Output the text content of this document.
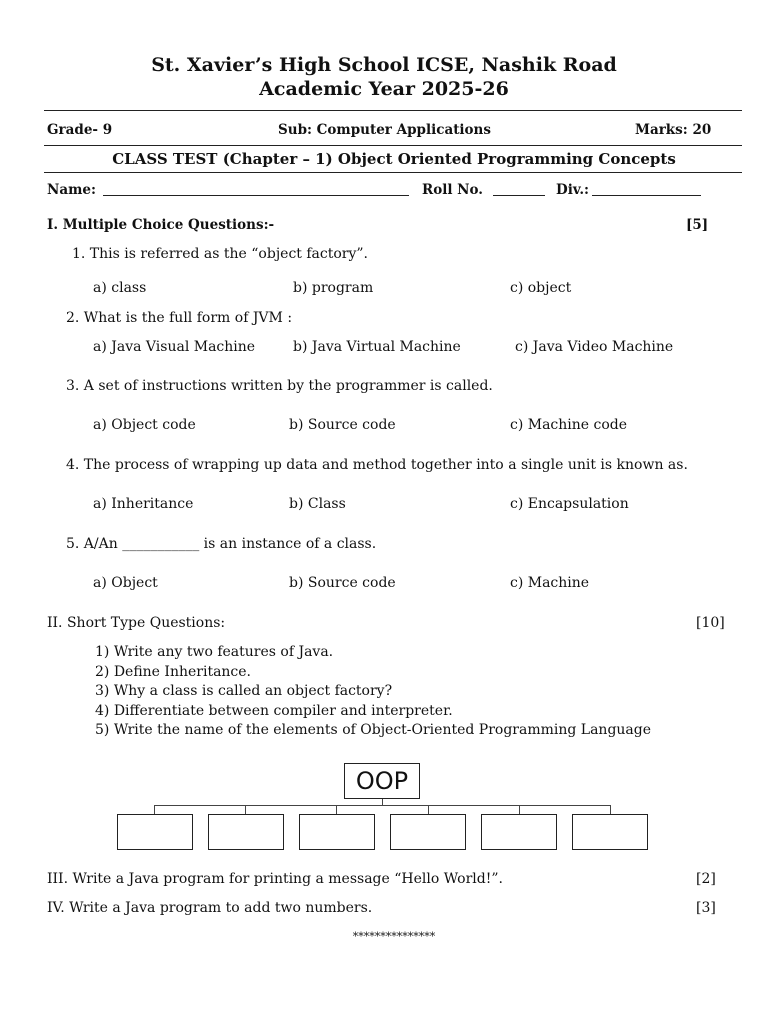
St. Xavier’s High School ICSE, Nashik Road
Academic Year 2025-26
Grade- 9	Sub: Computer Applications	Marks: 20
CLASS TEST (Chapter – 1) Object Oriented Programming Concepts
Name:	Roll No.	Div.:
I. Multiple Choice Questions:-	[5]
1. This is referred as the “object factory”.
a) class	b) program	c) object
2. What is the full form of JVM :
a) Java Visual Machine	b) Java Virtual Machine	c) Java Video Machine
3. A set of instructions written by the programmer is called.
a) Object code	b) Source code	c) Machine code
4. The process of wrapping up data and method together into a single unit is known as.
a) Inheritance	b) Class	c) Encapsulation
5. A/An ___________ is an instance of a class.
a) Object	b) Source code	c) Machine
II. Short Type Questions:	[10]
1) Write any two features of Java.
2) Define Inheritance.
3) Why a class is called an object factory?
4) Differentiate between compiler and interpreter.
5) Write the name of the elements of Object-Oriented Programming Language
OOP
III. Write a Java program for printing a message “Hello World!”.	[2]
IV. Write a Java program to add two numbers.	[3]
***************
